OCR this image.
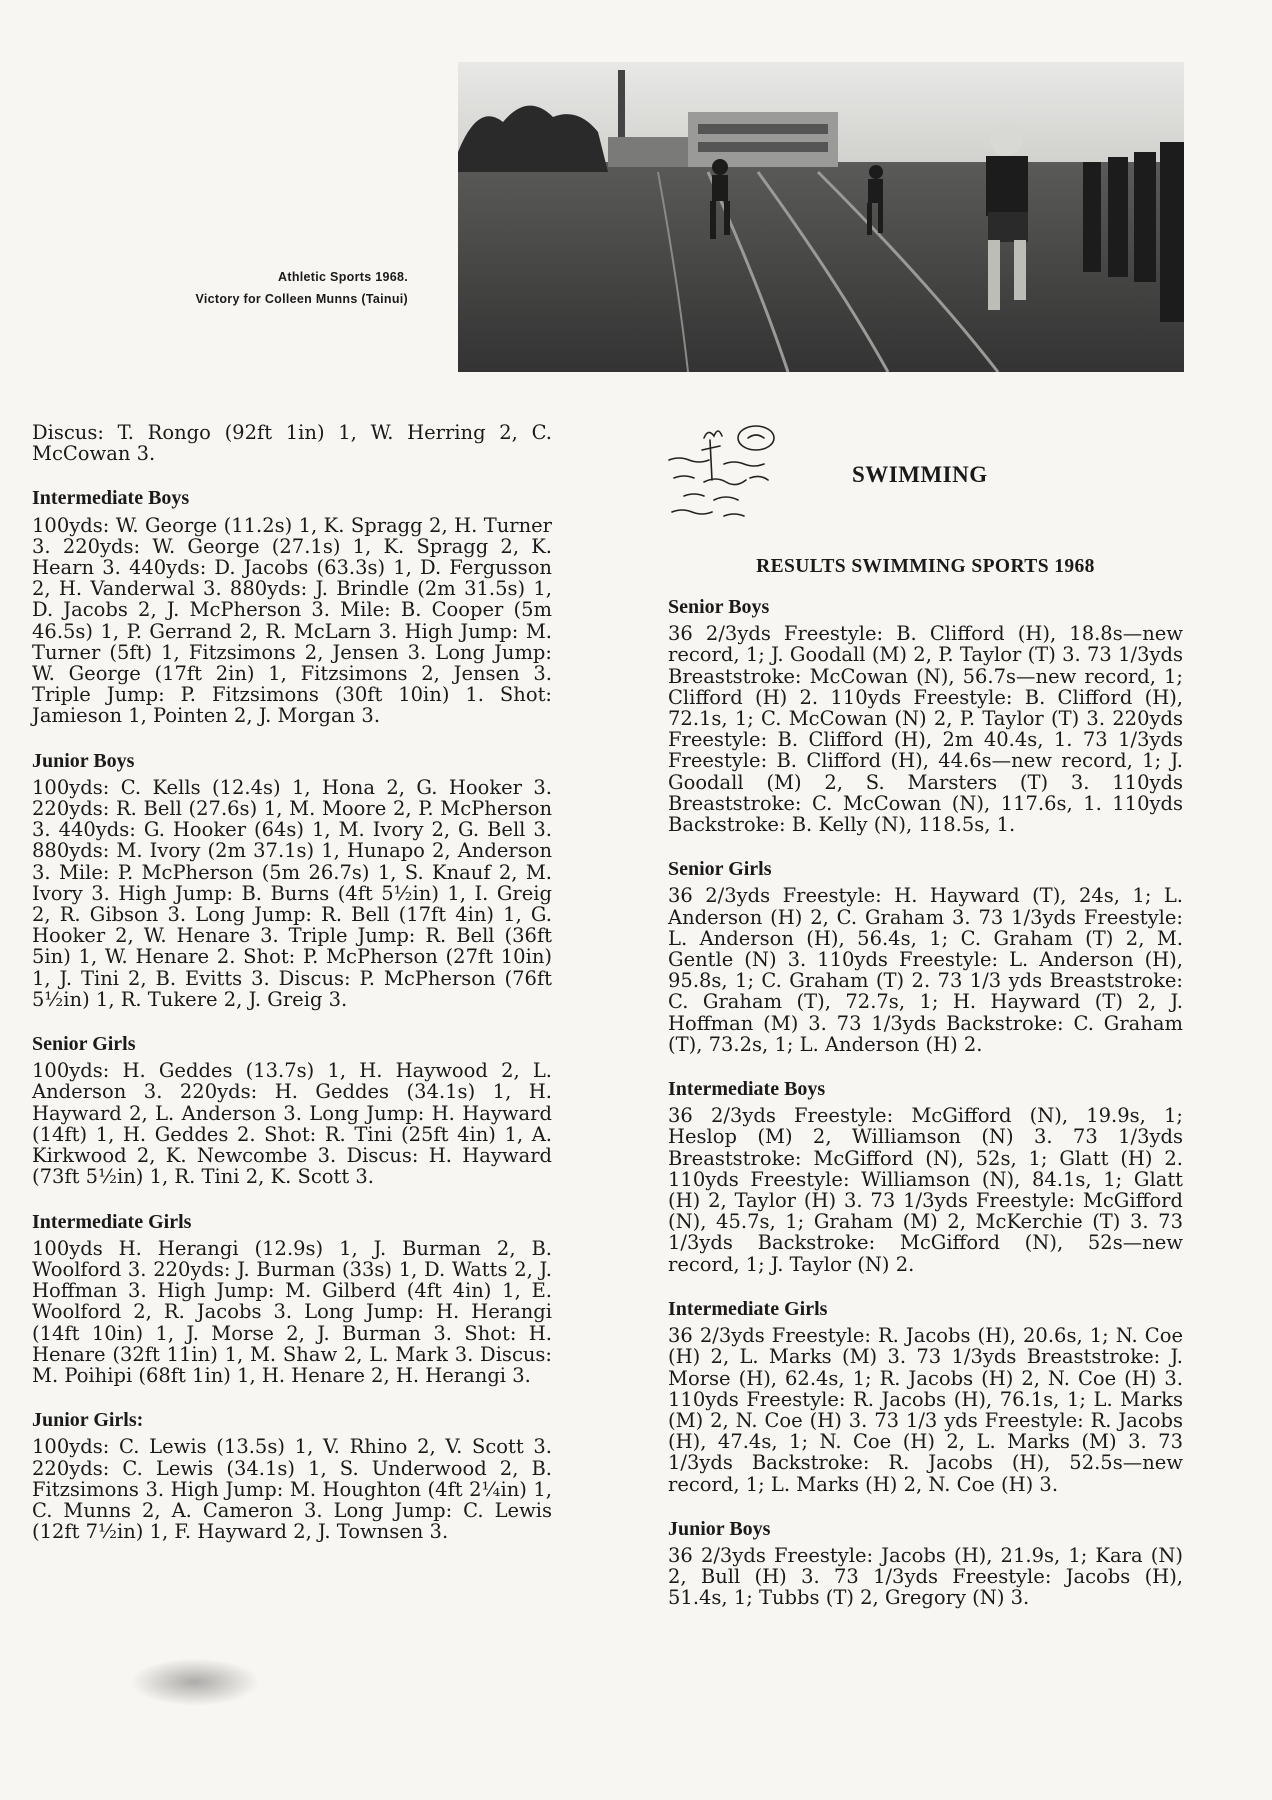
Athletic Sports 1968.
Victory for Colleen Munns (Tainui)

Discus: T. Rongo (92ft 1in) 1, W. Herring 2, C. McCowan 3.

Intermediate Boys

100yds: W. George (11.2s) 1, K. Spragg 2, H. Turner 3. 220yds: W. George (27.1s) 1, K. Spragg 2, K. Hearn 3. 440yds: D. Jacobs (63.3s) 1, D. Fergusson 2, H. Vanderwal 3. 880yds: J. Brindle (2m 31.5s) 1, D. Jacobs 2, J. McPherson 3. Mile: B. Cooper (5m 46.5s) 1, P. Gerrand 2, R. McLarn 3. High Jump: M. Turner (5ft) 1, Fitzsimons 2, Jensen 3. Long Jump: W. George (17ft 2in) 1, Fitzsimons 2, Jensen 3. Triple Jump: P. Fitzsimons (30ft 10in) 1. Shot: Jamieson 1, Pointen 2, J. Morgan 3.

Junior Boys

100yds: C. Kells (12.4s) 1, Hona 2, G. Hooker 3. 220yds: R. Bell (27.6s) 1, M. Moore 2, P. McPherson 3. 440yds: G. Hooker (64s) 1, M. Ivory 2, G. Bell 3. 880yds: M. Ivory (2m 37.1s) 1, Hunapo 2, Anderson 3. Mile: P. McPherson (5m 26.7s) 1, S. Knauf 2, M. Ivory 3. High Jump: B. Burns (4ft 5½in) 1, I. Greig 2, R. Gibson 3. Long Jump: R. Bell (17ft 4in) 1, G. Hooker 2, W. Henare 3. Triple Jump: R. Bell (36ft 5in) 1, W. Henare 2. Shot: P. McPherson (27ft 10in) 1, J. Tini 2, B. Evitts 3. Discus: P. McPherson (76ft 5½in) 1, R. Tukere 2, J. Greig 3.

Senior Girls

100yds: H. Geddes (13.7s) 1, H. Haywood 2, L. Anderson 3. 220yds: H. Geddes (34.1s) 1, H. Hayward 2, L. Anderson 3. Long Jump: H. Hayward (14ft) 1, H. Geddes 2. Shot: R. Tini (25ft 4in) 1, A. Kirkwood 2, K. Newcombe 3. Discus: H. Hayward (73ft 5½in) 1, R. Tini 2, K. Scott 3.

Intermediate Girls

100yds H. Herangi (12.9s) 1, J. Burman 2, B. Woolford 3. 220yds: J. Burman (33s) 1, D. Watts 2, J. Hoffman 3. High Jump: M. Gilberd (4ft 4in) 1, E. Woolford 2, R. Jacobs 3. Long Jump: H. Herangi (14ft 10in) 1, J. Morse 2, J. Burman 3. Shot: H. Henare (32ft 11in) 1, M. Shaw 2, L. Mark 3. Discus: M. Poihipi (68ft 1in) 1, H. Henare 2, H. Herangi 3.

Junior Girls:

100yds: C. Lewis (13.5s) 1, V. Rhino 2, V. Scott 3. 220yds: C. Lewis (34.1s) 1, S. Underwood 2, B. Fitzsimons 3. High Jump: M. Houghton (4ft 2¼in) 1, C. Munns 2, A. Cameron 3. Long Jump: C. Lewis (12ft 7½in) 1, F. Hayward 2, J. Townsen 3.

SWIMMING
RESULTS SWIMMING SPORTS 1968
Senior Boys

36 2/3yds Freestyle: B. Clifford (H), 18.8s—new record, 1; J. Goodall (M) 2, P. Taylor (T) 3. 73 1/3yds Breaststroke: McCowan (N), 56.7s—new record, 1; Clifford (H) 2. 110yds Freestyle: B. Clifford (H), 72.1s, 1; C. McCowan (N) 2, P. Taylor (T) 3. 220yds Freestyle: B. Clifford (H), 2m 40.4s, 1. 73 1/3yds Freestyle: B. Clifford (H), 44.6s—new record, 1; J. Goodall (M) 2, S. Marsters (T) 3. 110yds Breaststroke: C. McCowan (N), 117.6s, 1. 110yds Backstroke: B. Kelly (N), 118.5s, 1.

Senior Girls

36 2/3yds Freestyle: H. Hayward (T), 24s, 1; L. Anderson (H) 2, C. Graham 3. 73 1/3yds Freestyle: L. Anderson (H), 56.4s, 1; C. Graham (T) 2, M. Gentle (N) 3. 110yds Freestyle: L. Anderson (H), 95.8s, 1; C. Graham (T) 2. 73 1/3 yds Breaststroke: C. Graham (T), 72.7s, 1; H. Hayward (T) 2, J. Hoffman (M) 3. 73 1/3yds Backstroke: C. Graham (T), 73.2s, 1; L. Anderson (H) 2.

Intermediate Boys

36 2/3yds Freestyle: McGifford (N), 19.9s, 1; Heslop (M) 2, Williamson (N) 3. 73 1/3yds Breaststroke: McGifford (N), 52s, 1; Glatt (H) 2. 110yds Freestyle: Williamson (N), 84.1s, 1; Glatt (H) 2, Taylor (H) 3. 73 1/3yds Freestyle: McGifford (N), 45.7s, 1; Graham (M) 2, McKerchie (T) 3. 73 1/3yds Backstroke: McGifford (N), 52s—new record, 1; J. Taylor (N) 2.

Intermediate Girls

36 2/3yds Freestyle: R. Jacobs (H), 20.6s, 1; N. Coe (H) 2, L. Marks (M) 3. 73 1/3yds Breaststroke: J. Morse (H), 62.4s, 1; R. Jacobs (H) 2, N. Coe (H) 3. 110yds Freestyle: R. Jacobs (H), 76.1s, 1; L. Marks (M) 2, N. Coe (H) 3. 73 1/3 yds Freestyle: R. Jacobs (H), 47.4s, 1; N. Coe (H) 2, L. Marks (M) 3. 73 1/3yds Backstroke: R. Jacobs (H), 52.5s—new record, 1; L. Marks (H) 2, N. Coe (H) 3.

Junior Boys

36 2/3yds Freestyle: Jacobs (H), 21.9s, 1; Kara (N) 2, Bull (H) 3. 73 1/3yds Freestyle: Jacobs (H), 51.4s, 1; Tubbs (T) 2, Gregory (N) 3.
